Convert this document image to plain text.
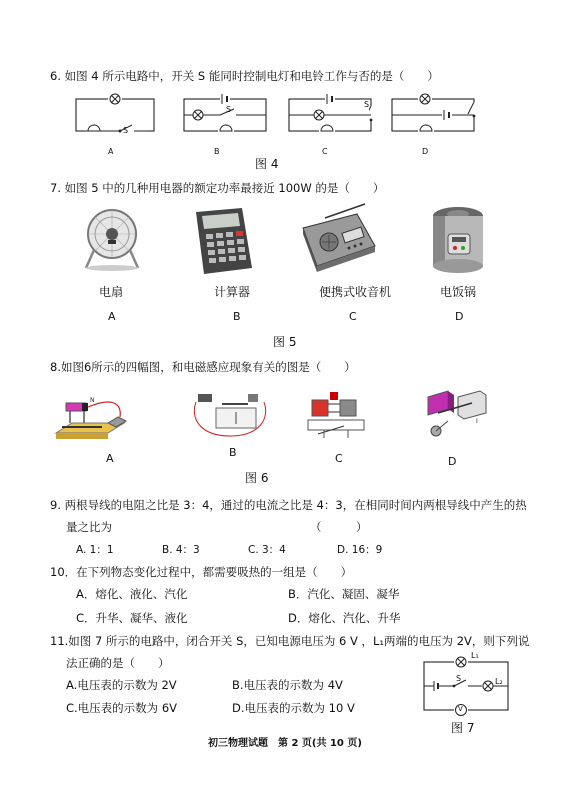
6. 如图 4 所示电路中，开关 S 能同时控制电灯和电铃工作与否的是（　　）
S
A
S
B
S
C	D
图 4
7. 如图 5 中的几种用电器的额定功率最接近 100W 的是（　　）
电扇	计算器	便携式收音机	电饭锅
A	B	C	D
图 5
8.如图6所示的四幅图，和电磁感应现象有关的图是（　　）
N
I
A	B	C	D
图 6
9. 两根导线的电阻之比是 3：4，通过的电流之比是 4：3，在相同时间内两根导线中产生的热
量之比为	（　　　）
A. 1：1	B. 4：3	C. 3：4	D. 16：9
10．在下列物态变化过程中，都需要吸热的一组是（　　）
A．熔化、液化、汽化	B．汽化、凝固、凝华
C．升华、凝华、液化	D．熔化、汽化、升华
11.如图 7 所示的电路中，闭合开关 S，已知电源电压为 6 V ，L₁两端的电压为 2V，则下列说
法正确的是（　　）
A.电压表的示数为 2V	B.电压表的示数为 4V
C.电压表的示数为 6V	D.电压表的示数为 10 V
L₁
S	L₂
V
图 7
初三物理试题　第 2 页(共 10 页)
